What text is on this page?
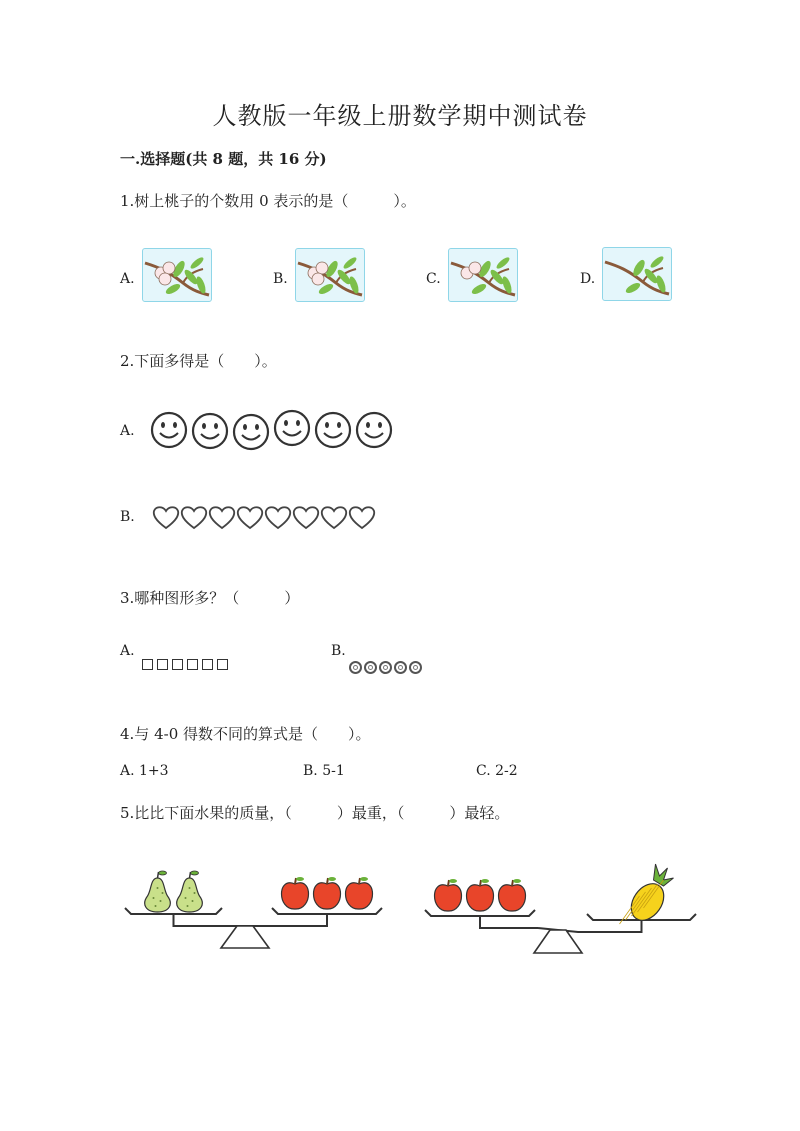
人教版一年级上册数学期中测试卷
一.选择题(共 8 题，共 16 分)
1.树上桃子的个数用 0 表示的是（　　　）。
A.	B.	C.	D.
2.下面多得是（　　）。
A.
B.
3.哪种图形多？（　　　）
A.	B.
4.与 4-0 得数不同的算式是（　　）。
A. 1+3	B. 5-1	C. 2-2
5.比比下面水果的质量，（　　　）最重，（　　　）最轻。
